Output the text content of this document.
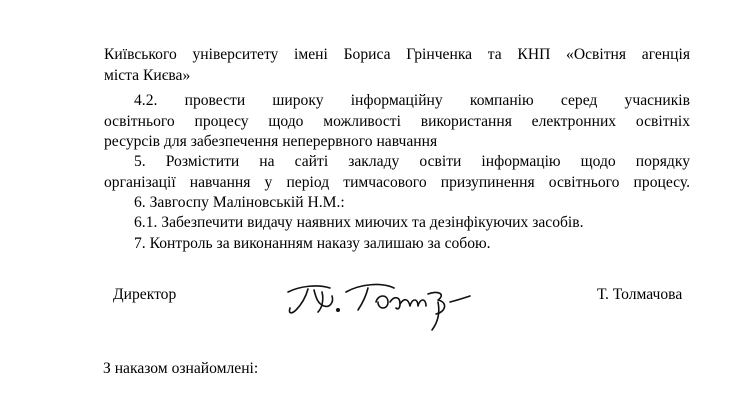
Київського університету імені Бориса Грінченка та КНП «Освітня агенція
міста Києва»

4.2. провести широку інформаційну компанію серед учасників
освітнього процесу щодо можливості використання електронних освітніх
ресурсів для забезпечення неперервного навчання

5. Розмістити на сайті закладу освіти інформацію щодо порядку
організації навчання у період тимчасового призупинення освітнього процесу.

6. Завгоспу Маліновській Н.М.:

6.1. Забезпечити видачу наявних миючих та дезінфікуючих засобів.

7. Контроль за виконанням наказу залишаю за собою.

Директор	Т. Толмачова
З наказом ознайомлені:
